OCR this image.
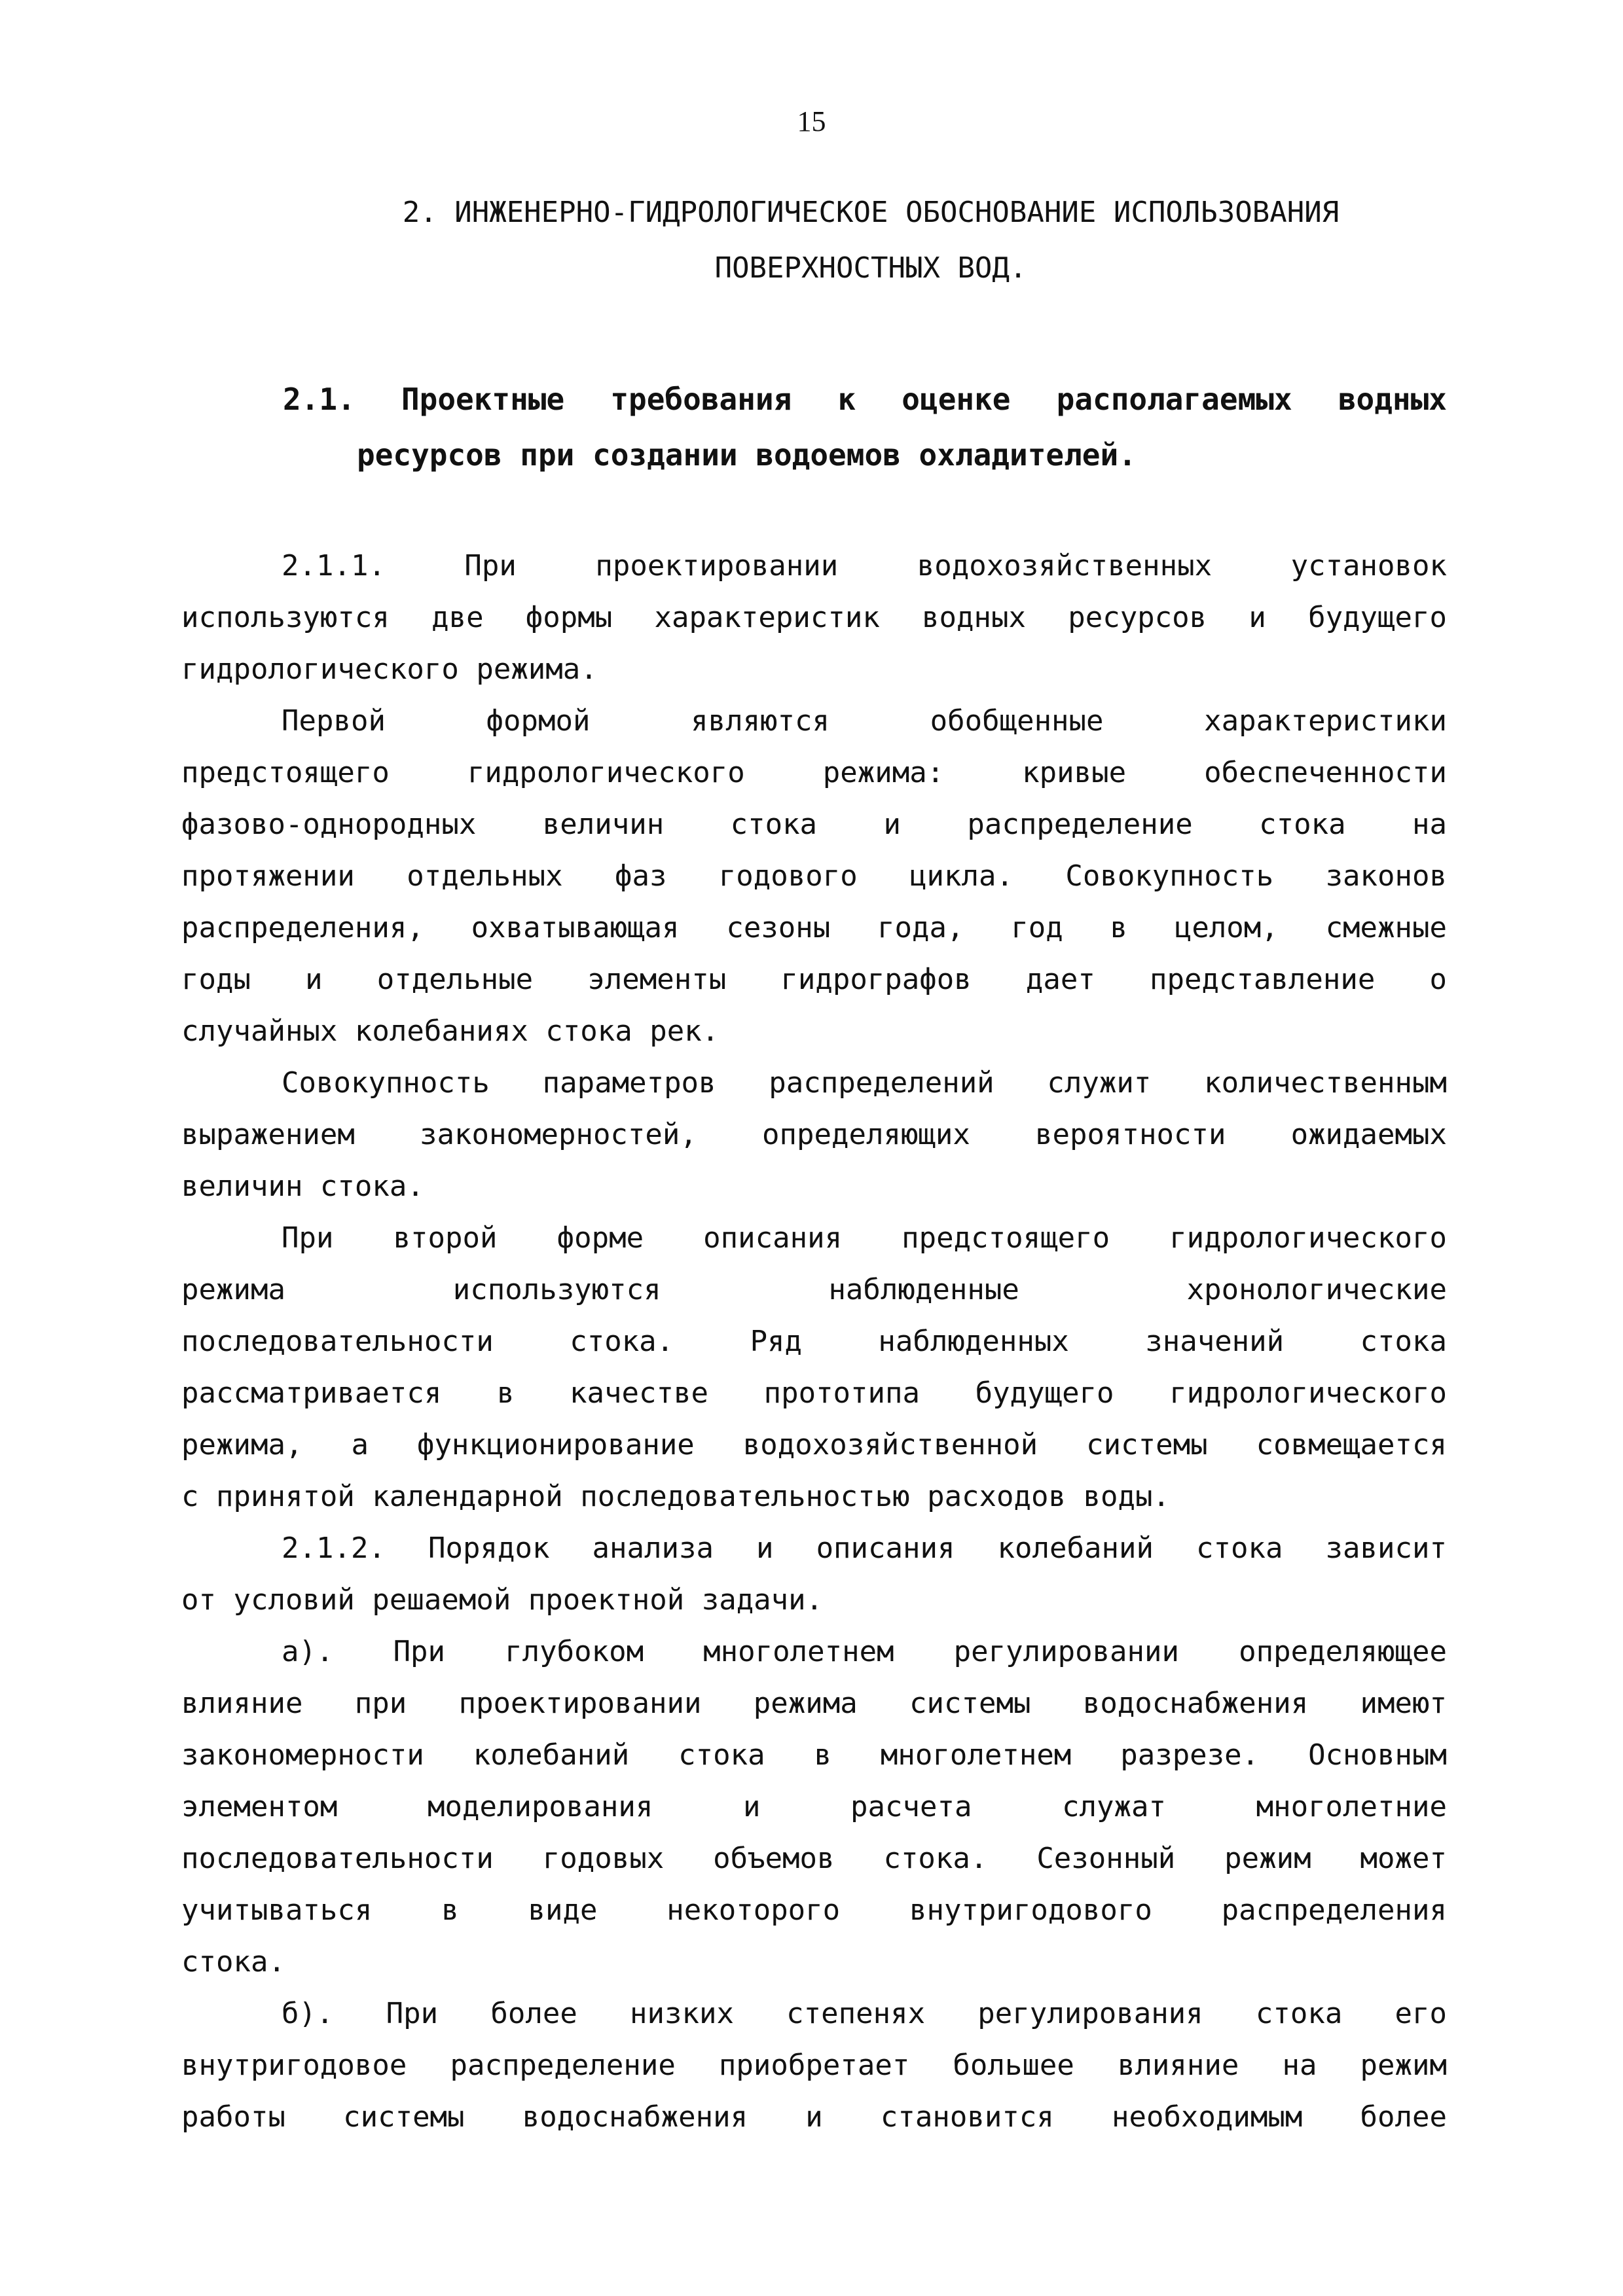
15
2. ИНЖЕНЕРНО-ГИДРОЛОГИЧЕСКОЕ ОБОСНОВАНИЕ ИСПОЛЬЗОВАНИЯ
ПОВЕРХНОСТНЫХ ВОД.
2.1. Проектные требования к оценке располагаемых водных
ресурсов при создании водоемов охладителей.
2.1.1. При проектировании водохозяйственных установок
используются две формы характеристик водных ресурсов и будущего
гидрологического режима.
Первой формой являются обобщенные характеристики
предстоящего гидрологического режима: кривые обеспеченности
фазово-однородных величин стока и распределение стока на
протяжении отдельных фаз годового цикла. Совокупность законов
распределения, охватывающая сезоны года, год в целом, смежные
годы и отдельные элементы гидрографов дает представление о
случайных колебаниях стока рек.
Совокупность параметров распределений служит количественным
выражением закономерностей, определяющих вероятности ожидаемых
величин стока.
При второй форме описания предстоящего гидрологического
режима используются наблюденные хронологические
последовательности стока. Ряд наблюденных значений стока
рассматривается в качестве прототипа будущего гидрологического
режима, а функционирование водохозяйственной системы совмещается
с принятой календарной последовательностью расходов воды.
2.1.2. Порядок анализа и описания колебаний стока зависит
от условий решаемой проектной задачи.
а). При глубоком многолетнем регулировании определяющее
влияние при проектировании режима системы водоснабжения имеют
закономерности колебаний стока в многолетнем разрезе. Основным
элементом моделирования и расчета служат многолетние
последовательности годовых объемов стока. Сезонный режим может
учитываться в виде некоторого внутригодового распределения
стока.
б). При более низких степенях регулирования стока его
внутригодовое распределение приобретает большее влияние на режим
работы системы водоснабжения и становится необходимым более
